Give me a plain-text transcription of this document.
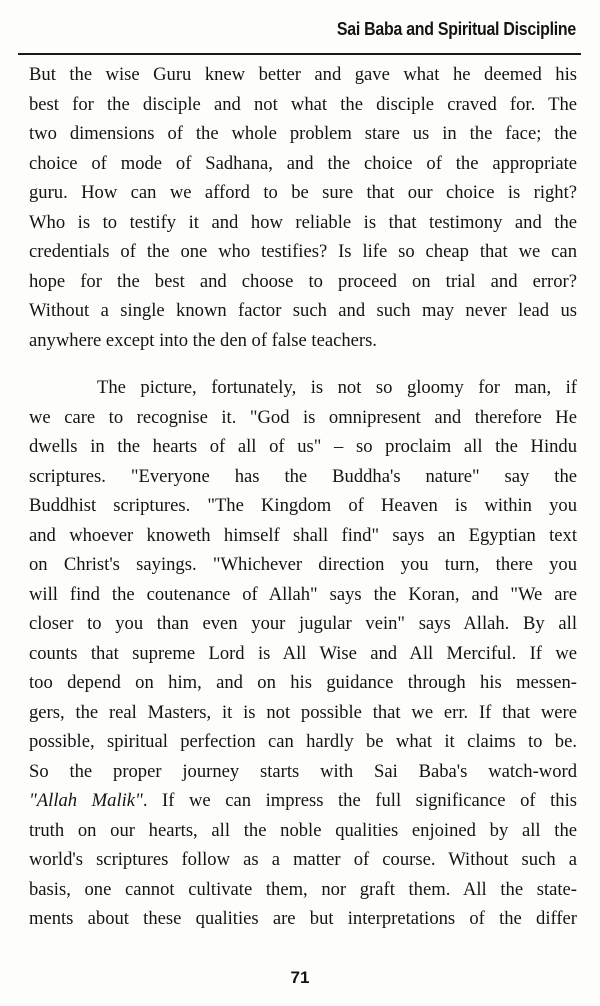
Sai Baba and Spiritual Discipline

But the wise Guru knew better and gave what he deemed his
best for the disciple and not what the disciple craved for. The
two dimensions of the whole problem stare us in the face; the
choice of mode of Sadhana, and the choice of the appropriate
guru. How can we afford to be sure that our choice is right?
Who is to testify it and how reliable is that testimony and the
credentials of the one who testifies? Is life so cheap that we can
hope for the best and choose to proceed on trial and error?
Without a single known factor such and such may never lead us
anywhere except into the den of false teachers.

The picture, fortunately, is not so gloomy for man, if
we care to recognise it. "God is omnipresent and therefore He
dwells in the hearts of all of us" – so proclaim all the Hindu
scriptures. "Everyone has the Buddha's nature" say the
Buddhist scriptures. "The Kingdom of Heaven is within you
and whoever knoweth himself shall find" says an Egyptian text
on Christ's sayings. "Whichever direction you turn, there you
will find the coutenance of Allah" says the Koran, and "We are
closer to you than even your jugular vein" says Allah. By all
counts that supreme Lord is All Wise and All Merciful. If we
too depend on him, and on his guidance through his messen-
gers, the real Masters, it is not possible that we err. If that were
possible, spiritual perfection can hardly be what it claims to be.
So the proper journey starts with Sai Baba's watch-word
"Allah Malik". If we can impress the full significance of this
truth on our hearts, all the noble qualities enjoined by all the
world's scriptures follow as a matter of course. Without such a
basis, one cannot cultivate them, nor graft them. All the state-
ments about these qualities are but interpretations of the differ

71
